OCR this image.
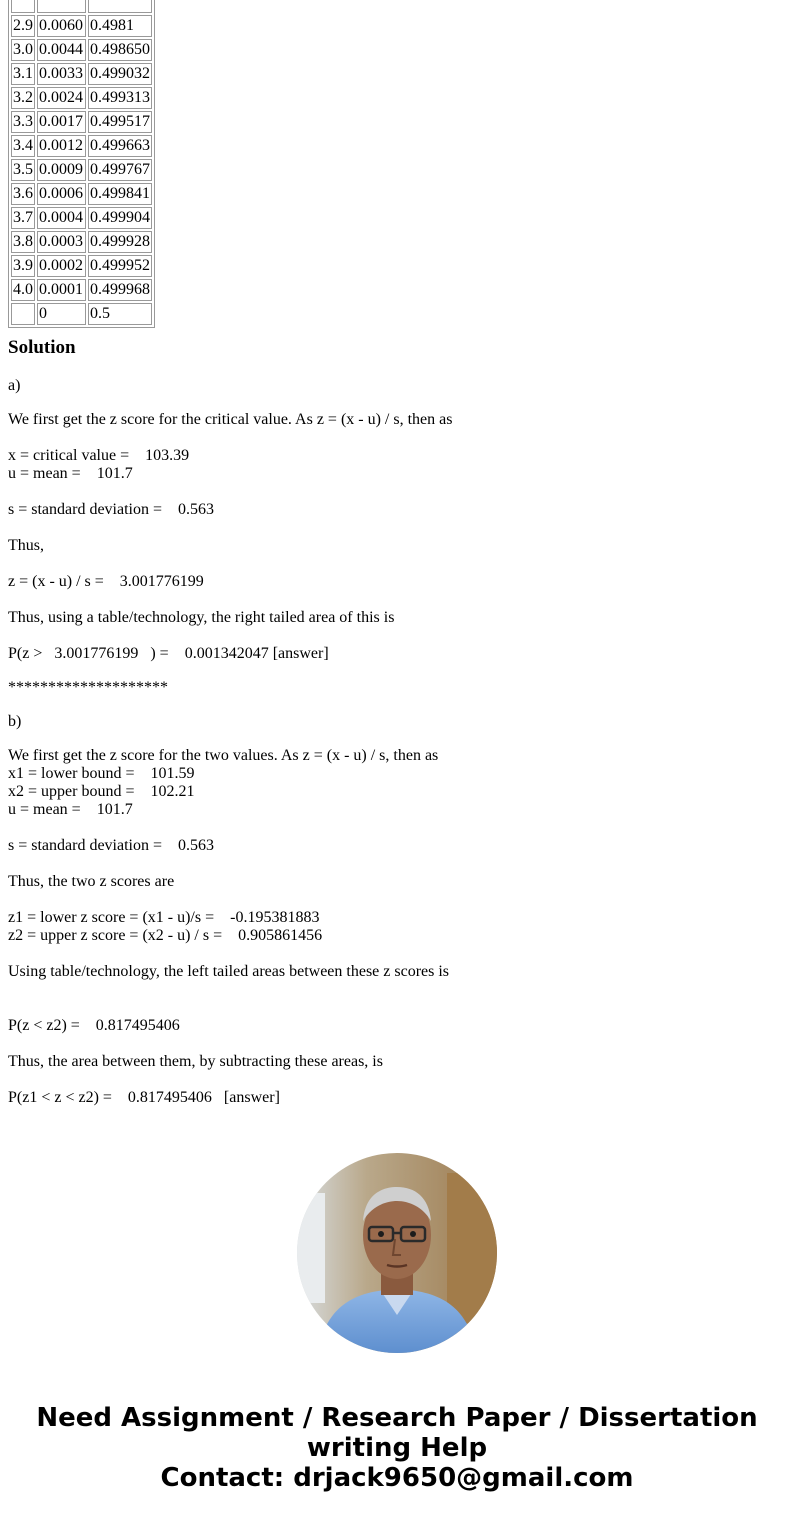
2.9	0.0060	0.4981
3.0	0.0044	0.498650
3.1	0.0033	0.499032
3.2	0.0024	0.499313
3.3	0.0017	0.499517
3.4	0.0012	0.499663
3.5	0.0009	0.499767
3.6	0.0006	0.499841
3.7	0.0004	0.499904
3.8	0.0003	0.499928
3.9	0.0002	0.499952
4.0	0.0001	0.499968
	0	0.5
Solution
a)
We first get the z score for the critical value. As z = (x - u) / s, then as
x = critical value =    103.39
u = mean =    101.7
s = standard deviation =    0.563
Thus,
z = (x - u) / s =    3.001776199
Thus, using a table/technology, the right tailed area of this is
P(z >   3.001776199   ) =    0.001342047 [answer]
********************
b)
We first get the z score for the two values. As z = (x - u) / s, then as
x1 = lower bound =    101.59
x2 = upper bound =    102.21
u = mean =    101.7
s = standard deviation =    0.563
Thus, the two z scores are
z1 = lower z score = (x1 - u)/s =    -0.195381883
z2 = upper z score = (x2 - u) / s =    0.905861456
Using table/technology, the left tailed areas between these z scores is
P(z < z2) =    0.817495406
Thus, the area between them, by subtracting these areas, is
P(z1 < z < z2) =    0.817495406   [answer]
Need Assignment / Research Paper / Dissertation
writing Help
Contact: drjack9650@gmail.com
